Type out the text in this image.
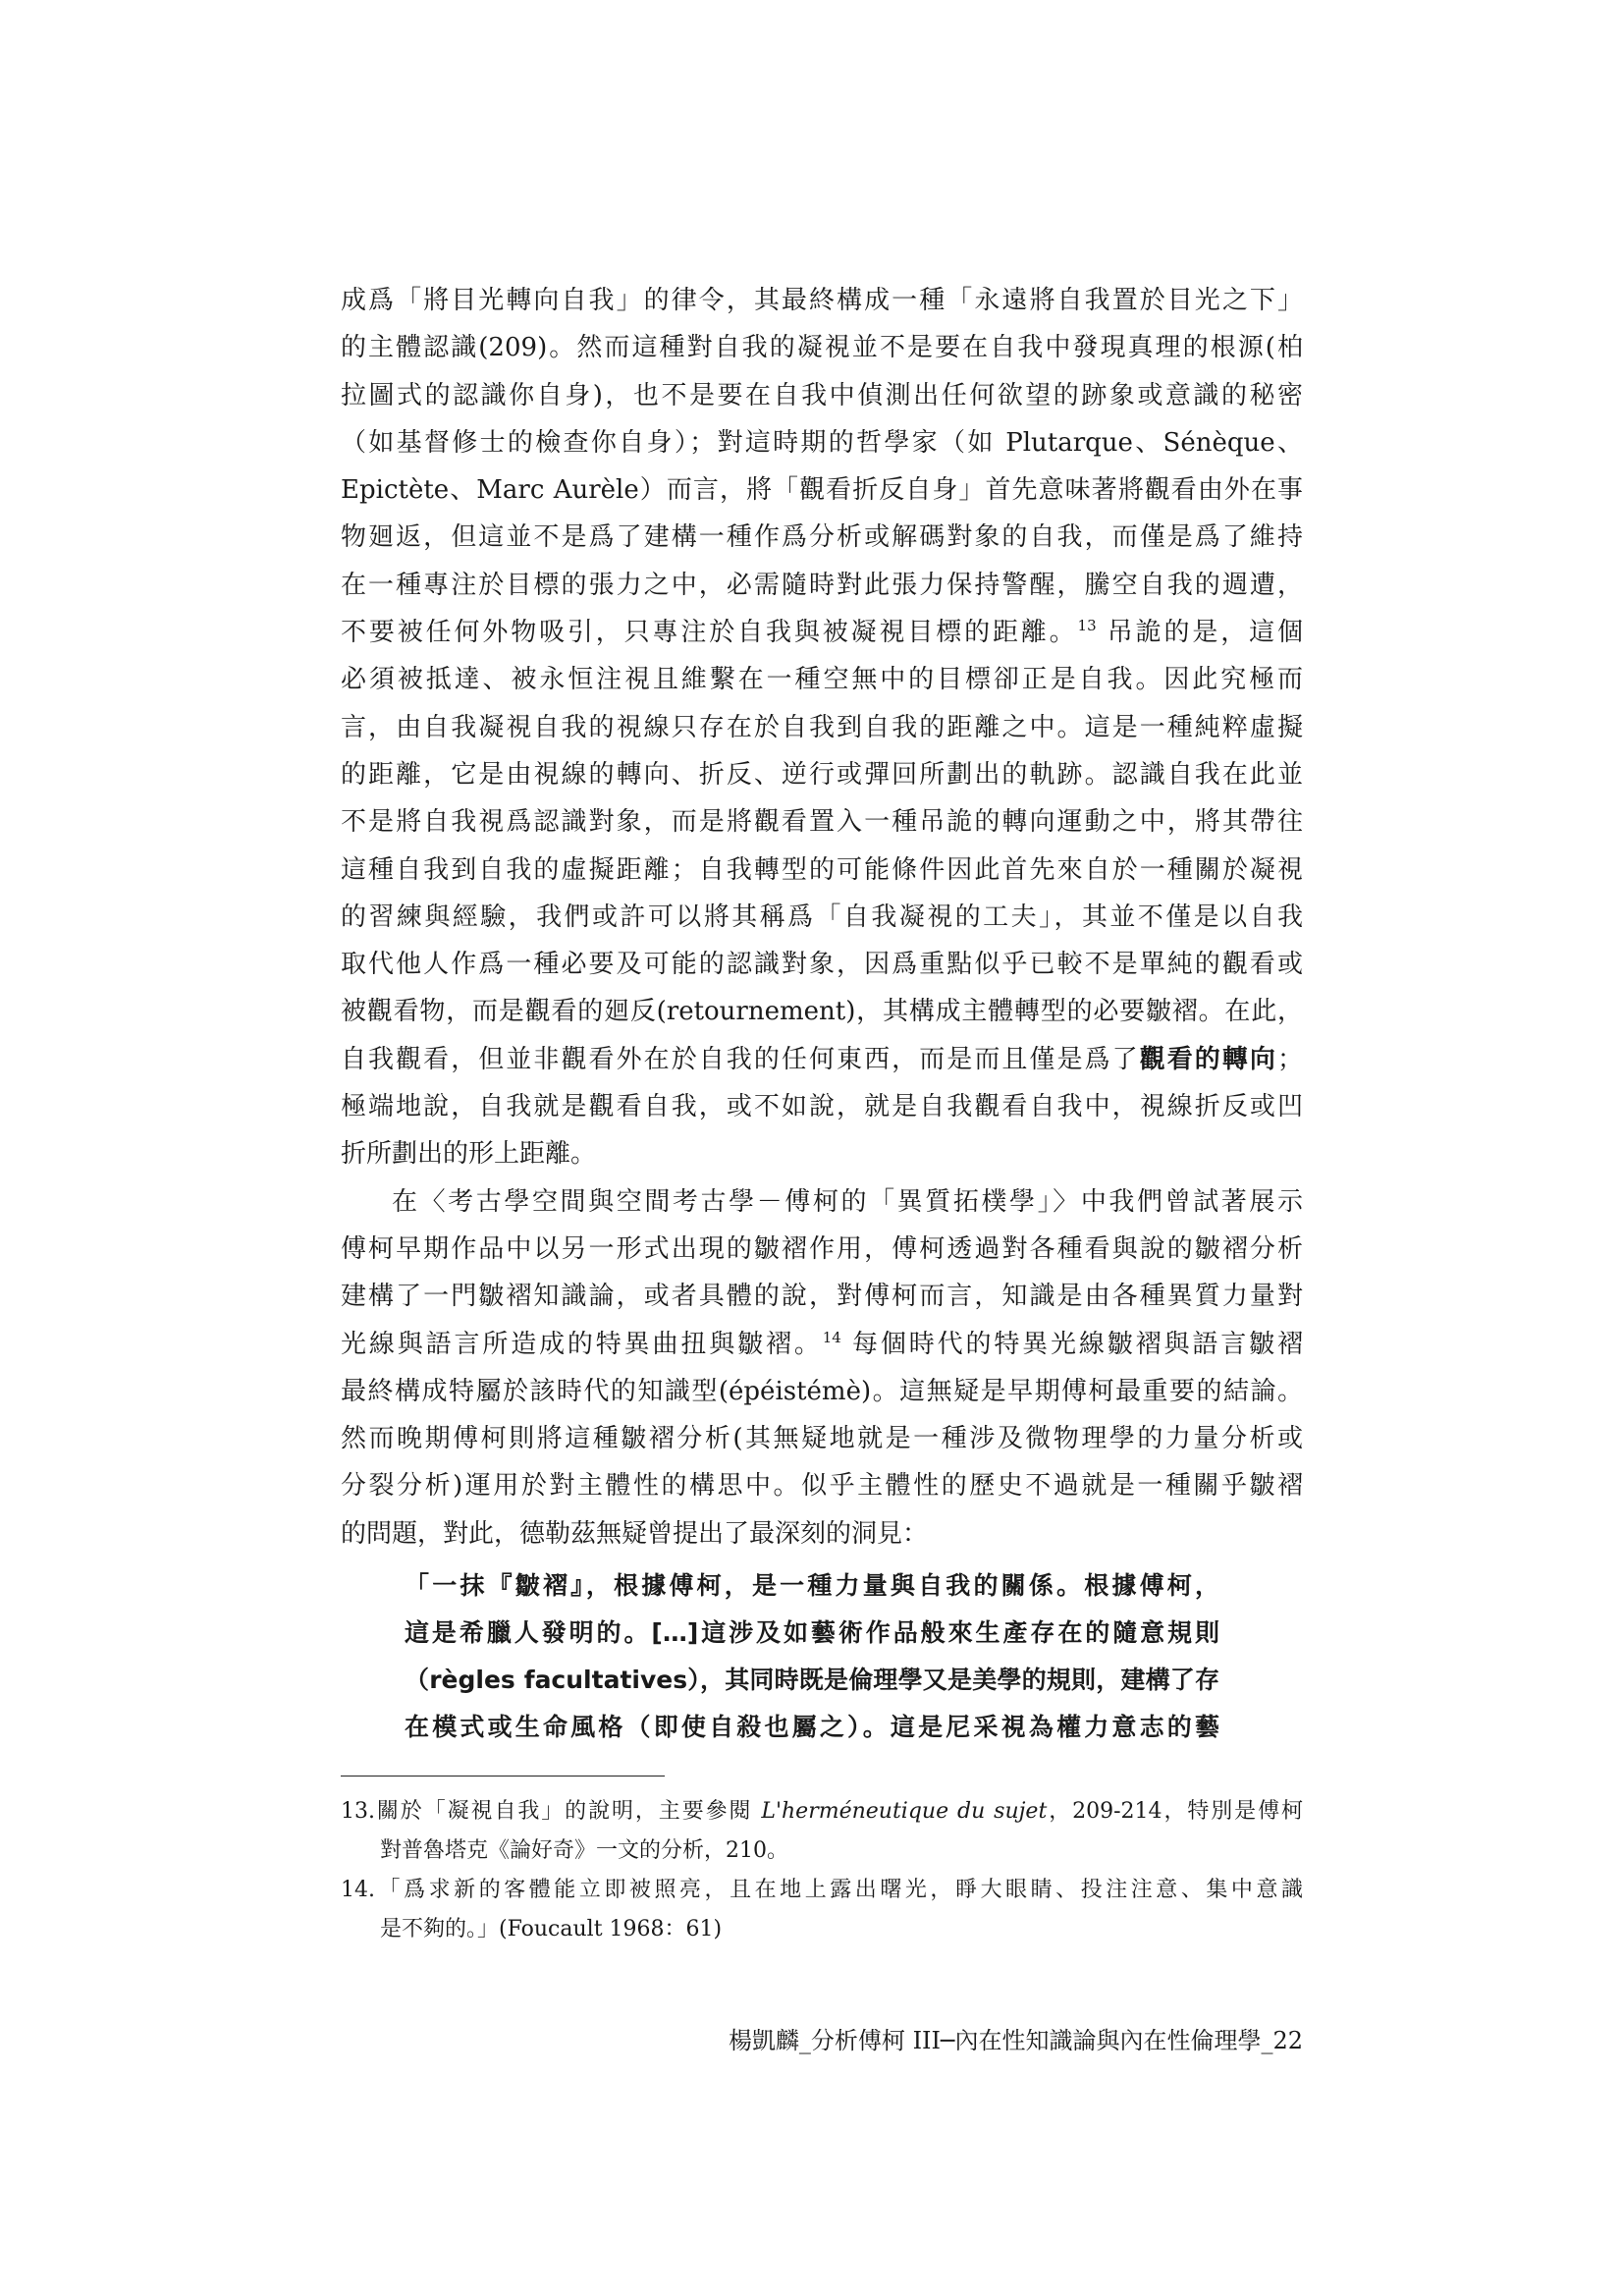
成爲「將目光轉向自我」的律令，其最終構成一種「永遠將自我置於目光之下」
的主體認識(209)。然而這種對自我的凝視並不是要在自我中發現真理的根源(柏
拉圖式的認識你自身)，也不是要在自我中偵測出任何欲望的跡象或意識的秘密
（如基督修士的檢查你自身）；對這時期的哲學家（如 Plutarque、Sénèque、
Epictète、Marc Aurèle）而言，將「觀看折反自身」首先意味著將觀看由外在事
物廻返，但這並不是爲了建構一種作爲分析或解碼對象的自我，而僅是爲了維持
在一種專注於目標的張力之中，必需隨時對此張力保持警醒，騰空自我的週遭，
不要被任何外物吸引，只專注於自我與被凝視目標的距離。$^{13}$ 吊詭的是，這個
必須被抵達、被永恒注視且維繫在一種空無中的目標卻正是自我。因此究極而
言，由自我凝視自我的視線只存在於自我到自我的距離之中。這是一種純粹虛擬
的距離，它是由視線的轉向、折反、逆行或彈回所劃出的軌跡。認識自我在此並
不是將自我視爲認識對象，而是將觀看置入一種吊詭的轉向運動之中，將其帶往
這種自我到自我的虛擬距離；自我轉型的可能條件因此首先來自於一種關於凝視
的習練與經驗，我們或許可以將其稱爲「自我凝視的工夫」，其並不僅是以自我
取代他人作爲一種必要及可能的認識對象，因爲重點似乎已較不是單純的觀看或
被觀看物，而是觀看的廻反(retournement)，其構成主體轉型的必要皺褶。在此，
自我觀看，但並非觀看外在於自我的任何東西，而是而且僅是爲了觀看的轉向；
極端地說，自我就是觀看自我，或不如說，就是自我觀看自我中，視線折反或凹
折所劃出的形上距離。
在〈考古學空間與空間考古學－傅柯的「異質拓樸學」〉中我們曾試著展示
傅柯早期作品中以另一形式出現的皺褶作用，傅柯透過對各種看與說的皺褶分析
建構了一門皺褶知識論，或者具體的說，對傅柯而言，知識是由各種異質力量對
光線與語言所造成的特異曲扭與皺褶。$^{14}$ 每個時代的特異光線皺褶與語言皺褶
最終構成特屬於該時代的知識型(épéistémè)。這無疑是早期傅柯最重要的結論。
然而晚期傅柯則將這種皺褶分析(其無疑地就是一種涉及微物理學的力量分析或
分裂分析)運用於對主體性的構思中。似乎主體性的歷史不過就是一種關乎皺褶
的問題，對此，德勒茲無疑曾提出了最深刻的洞見：
「一抹『皺褶』，根據傅柯，是一種力量與自我的關係。根據傅柯，
這是希臘人發明的。[…]這涉及如藝術作品般來生產存在的隨意規則
（règles facultatives），其同時既是倫理學又是美學的規則，建構了存
在模式或生命風格（即使自殺也屬之）。這是尼采視為權力意志的藝
13.關於「凝視自我」的說明，主要參閱 L'herméneutique du sujet，209-214，特別是傅柯
對普魯塔克《論好奇》一文的分析，210。
14.「爲求新的客體能立即被照亮，且在地上露出曙光，睜大眼睛、投注注意、集中意識
是不夠的。」(Foucault 1968：61)
楊凱麟_分析傅柯 III─內在性知識論與內在性倫理學_22
